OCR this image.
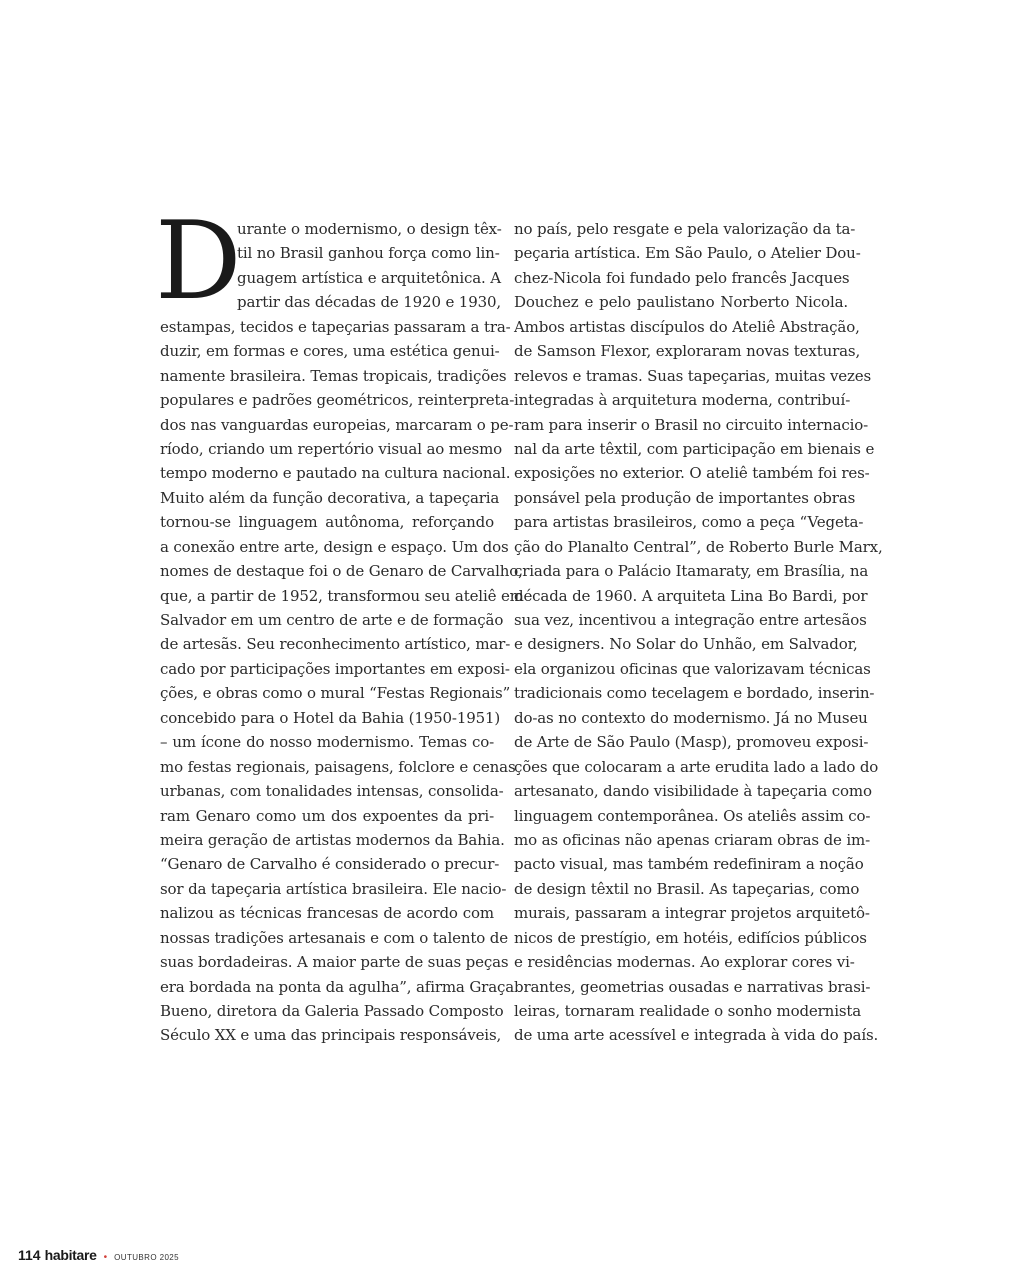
D
urante o modernismo, o design têx-
til no Brasil ganhou força como lin-
guagem artística e arquitetônica. A
partir das décadas de 1920 e 1930,
estampas, tecidos e tapeçarias passaram a tra-
duzir, em formas e cores, uma estética genui-
namente brasileira. Temas tropicais, tradições
populares e padrões geométricos, reinterpreta-
dos nas vanguardas europeias, marcaram o pe-
ríodo, criando um repertório visual ao mesmo
tempo moderno e pautado na cultura nacional.
Muito além da função decorativa, a tapeçaria
tornou-se linguagem autônoma, reforçando
a conexão entre arte, design e espaço. Um dos
nomes de destaque foi o de Genaro de Carvalho,
que, a partir de 1952, transformou seu ateliê em
Salvador em um centro de arte e de formação
de artesãs. Seu reconhecimento artístico, mar-
cado por participações importantes em exposi-
ções, e obras como o mural “Festas Regionais”
concebido para o Hotel da Bahia (1950-1951)
– um ícone do nosso modernismo. Temas co-
mo festas regionais, paisagens, folclore e cenas
urbanas, com tonalidades intensas, consolida-
ram Genaro como um dos expoentes da pri-
meira geração de artistas modernos da Bahia.
“Genaro de Carvalho é considerado o precur-
sor da tapeçaria artística brasileira. Ele nacio-
nalizou as técnicas francesas de acordo com
nossas tradições artesanais e com o talento de
suas bordadeiras. A maior parte de suas peças
era bordada na ponta da agulha”, afirma Graça
Bueno, diretora da Galeria Passado Composto
Século XX e uma das principais responsáveis,
no país, pelo resgate e pela valorização da ta-
peçaria artística. Em São Paulo, o Atelier Dou-
chez-Nicola foi fundado pelo francês Jacques
Douchez e pelo paulistano Norberto Nicola.
Ambos artistas discípulos do Ateliê Abstração,
de Samson Flexor, exploraram novas texturas,
relevos e tramas. Suas tapeçarias, muitas vezes
integradas à arquitetura moderna, contribuí-
ram para inserir o Brasil no circuito internacio-
nal da arte têxtil, com participação em bienais e
exposições no exterior. O ateliê também foi res-
ponsável pela produção de importantes obras
para artistas brasileiros, como a peça “Vegeta-
ção do Planalto Central”, de Roberto Burle Marx,
criada para o Palácio Itamaraty, em Brasília, na
década de 1960. A arquiteta Lina Bo Bardi, por
sua vez, incentivou a integração entre artesãos
e designers. No Solar do Unhão, em Salvador,
ela organizou oficinas que valorizavam técnicas
tradicionais como tecelagem e bordado, inserin-
do-as no contexto do modernismo. Já no Museu
de Arte de São Paulo (Masp), promoveu exposi-
ções que colocaram a arte erudita lado a lado do
artesanato, dando visibilidade à tapeçaria como
linguagem contemporânea. Os ateliês assim co-
mo as oficinas não apenas criaram obras de im-
pacto visual, mas também redefiniram a noção
de design têxtil no Brasil. As tapeçarias, como
murais, passaram a integrar projetos arquitetô-
nicos de prestígio, em hotéis, edifícios públicos
e residências modernas. Ao explorar cores vi-
brantes, geometrias ousadas e narrativas brasi-
leiras, tornaram realidade o sonho modernista
de uma arte acessível e integrada à vida do país.
114 habitare • OUTUBRO 2025
